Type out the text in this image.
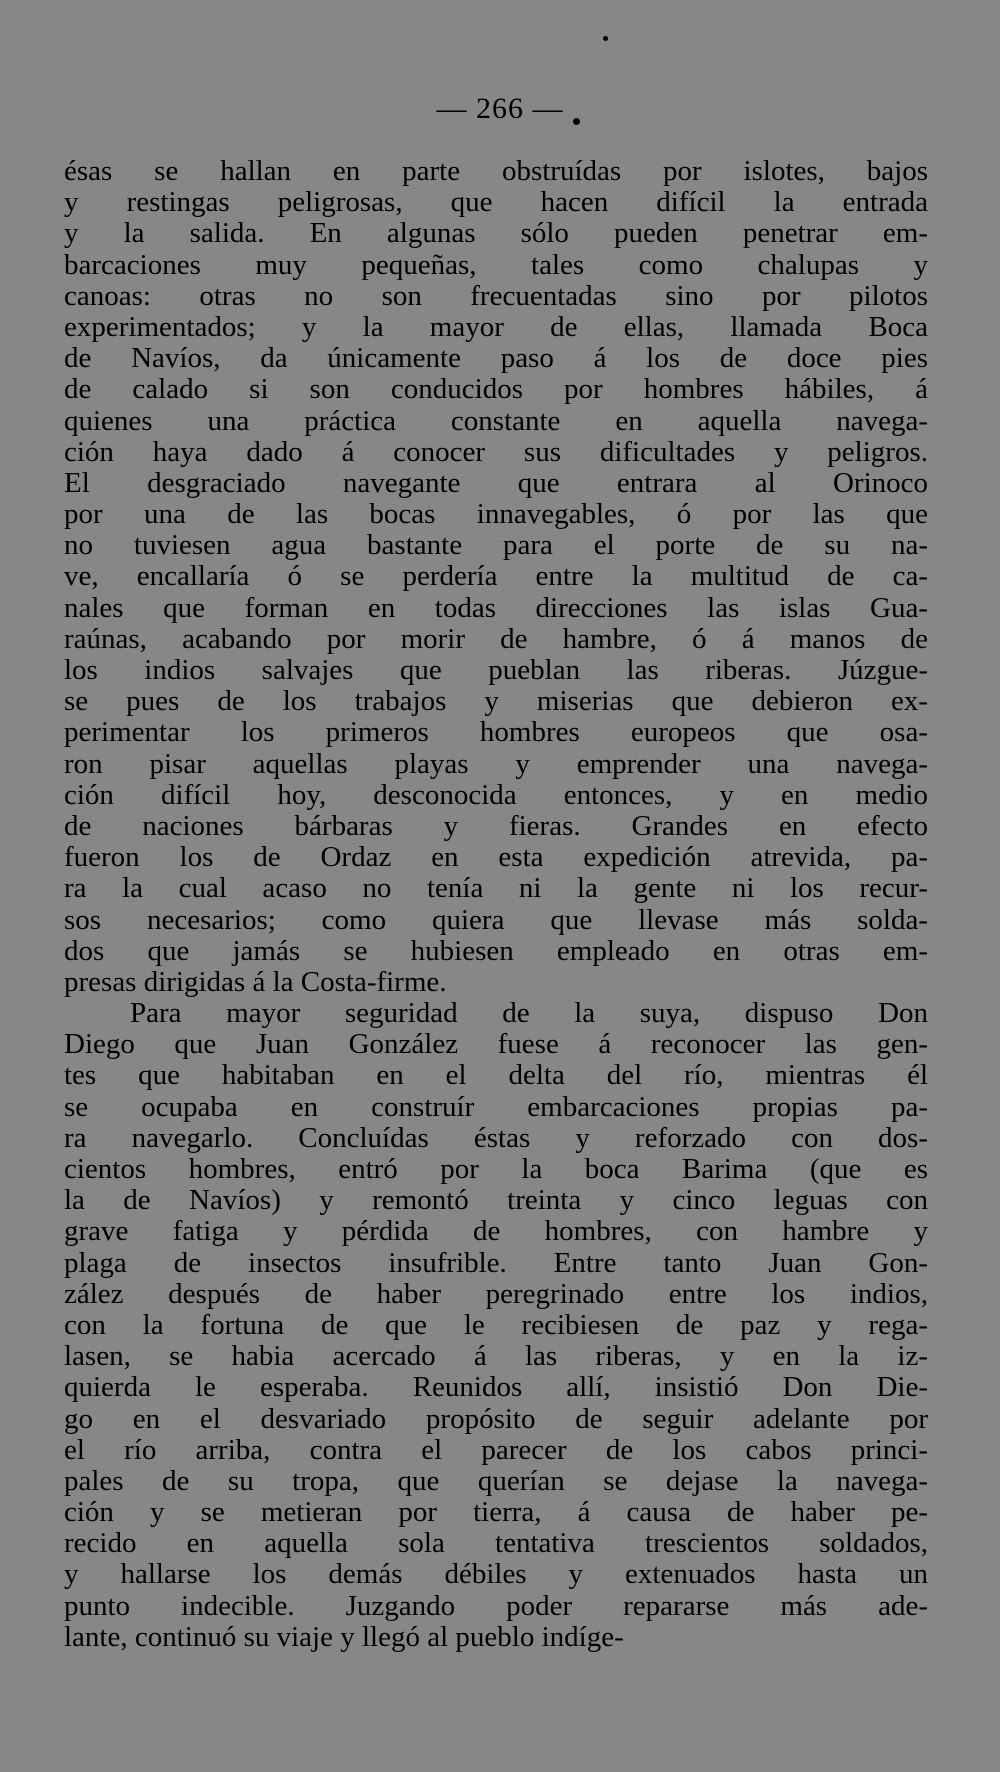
— 266 —
ésas se hallan en parte obstruídas por islotes, bajos
y restingas peligrosas, que hacen difícil la entrada
y la salida. En algunas sólo pueden penetrar em-
barcaciones muy pequeñas, tales como chalupas y
canoas: otras no son frecuentadas sino por pilotos
experimentados; y la mayor de ellas, llamada Boca
de Navíos, da únicamente paso á los de doce pies
de calado si son conducidos por hombres hábiles, á
quienes una práctica constante en aquella navega-
ción haya dado á conocer sus dificultades y peligros.
El desgraciado navegante que entrara al Orinoco
por una de las bocas innavegables, ó por las que
no tuviesen agua bastante para el porte de su na-
ve, encallaría ó se perdería entre la multitud de ca-
nales que forman en todas direcciones las islas Gua-
raúnas, acabando por morir de hambre, ó á manos de
los indios salvajes que pueblan las riberas. Júzgue-
se pues de los trabajos y miserias que debieron ex-
perimentar los primeros hombres europeos que osa-
ron pisar aquellas playas y emprender una navega-
ción difícil hoy, desconocida entonces, y en medio
de naciones bárbaras y fieras. Grandes en efecto
fueron los de Ordaz en esta expedición atrevida, pa-
ra la cual acaso no tenía ni la gente ni los recur-
sos necesarios; como quiera que llevase más solda-
dos que jamás se hubiesen empleado en otras em-
presas dirigidas á la Costa-firme.
Para mayor seguridad de la suya, dispuso Don
Diego que Juan González fuese á reconocer las gen-
tes que habitaban en el delta del río, mientras él
se ocupaba en construír embarcaciones propias pa-
ra navegarlo. Concluídas éstas y reforzado con dos-
cientos hombres, entró por la boca Barima (que es
la de Navíos) y remontó treinta y cinco leguas con
grave fatiga y pérdida de hombres, con hambre y
plaga de insectos insufrible. Entre tanto Juan Gon-
zález después de haber peregrinado entre los indios,
con la fortuna de que le recibiesen de paz y rega-
lasen, se habia acercado á las riberas, y en la iz-
quierda le esperaba. Reunidos allí, insistió Don Die-
go en el desvariado propósito de seguir adelante por
el río arriba, contra el parecer de los cabos princi-
pales de su tropa, que querían se dejase la navega-
ción y se metieran por tierra, á causa de haber pe-
recido en aquella sola tentativa trescientos soldados,
y hallarse los demás débiles y extenuados hasta un
punto indecible. Juzgando poder repararse más ade-
lante, continuó su viaje y llegó al pueblo indíge-
